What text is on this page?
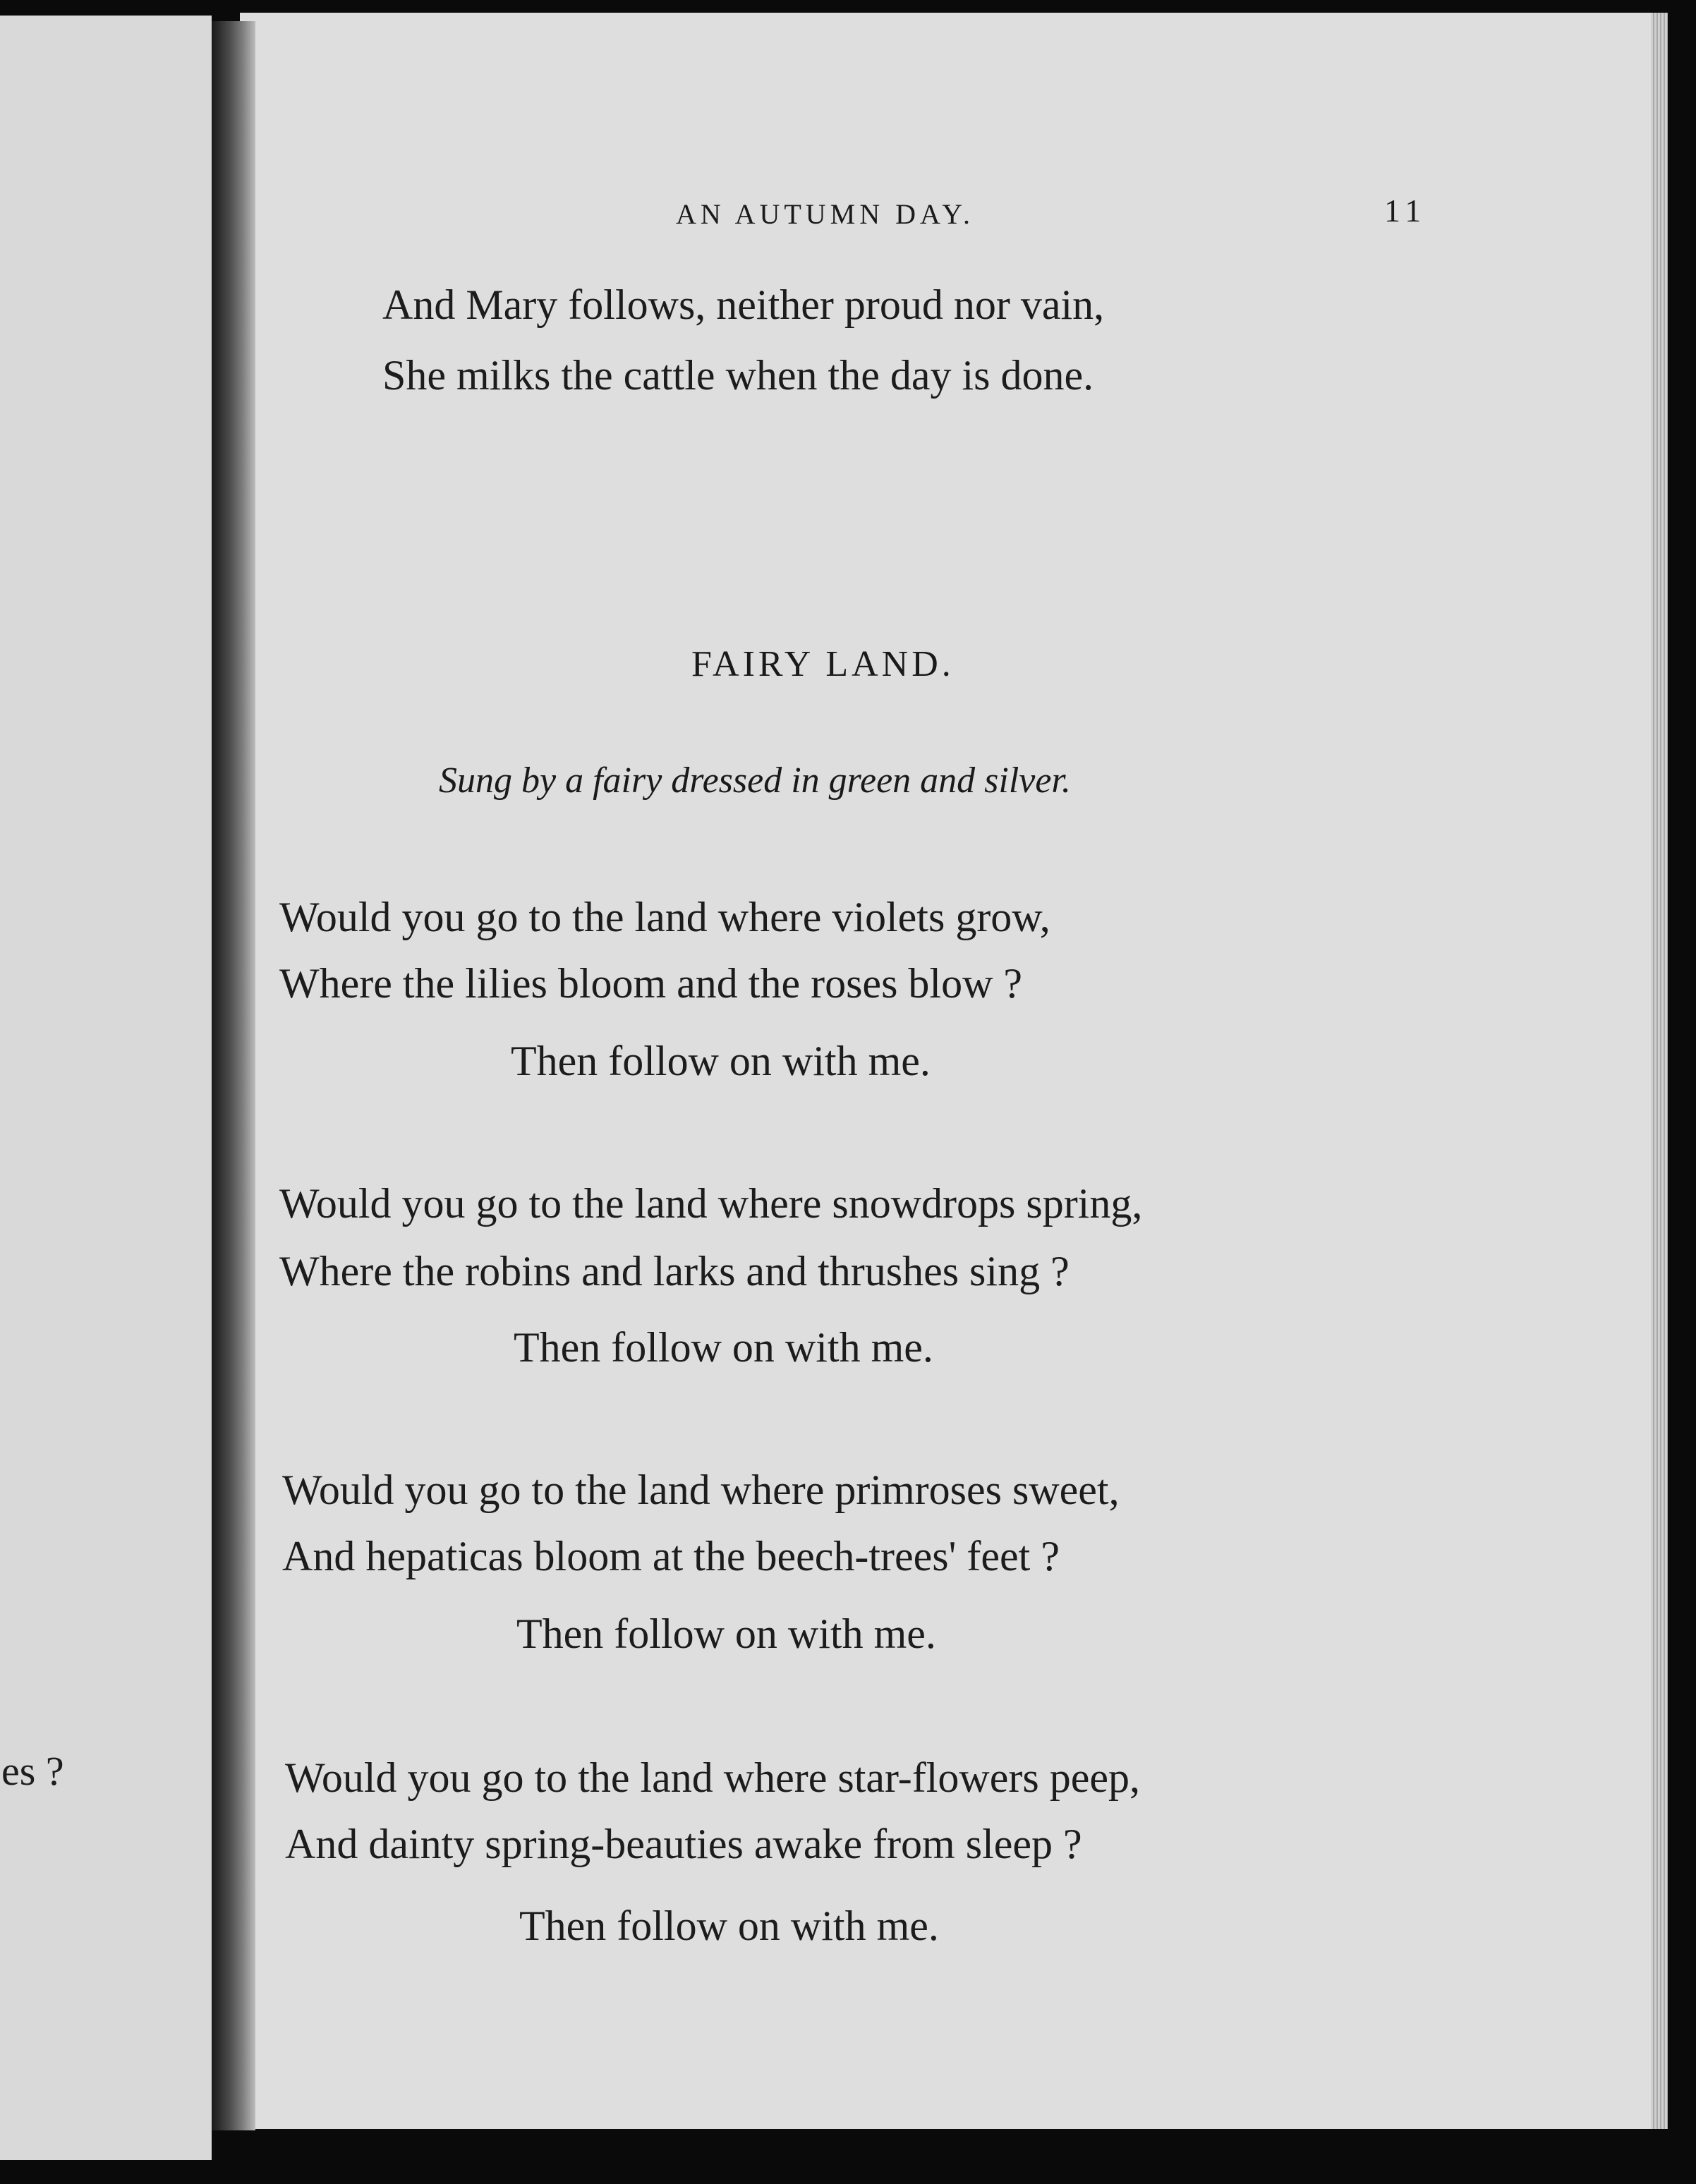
es ?
AN AUTUMN DAY.	11
And Mary follows, neither proud nor vain,
She milks the cattle when the day is done.
FAIRY LAND.
Sung by a fairy dressed in green and silver.
Would you go to the land where violets grow,
Where the lilies bloom and the roses blow ?
Then follow on with me.
Would you go to the land where snowdrops spring,
Where the robins and larks and thrushes sing ?
Then follow on with me.
Would you go to the land where primroses sweet,
And hepaticas bloom at the beech-trees' feet ?
Then follow on with me.
Would you go to the land where star-flowers peep,
And dainty spring-beauties awake from sleep ?
Then follow on with me.
